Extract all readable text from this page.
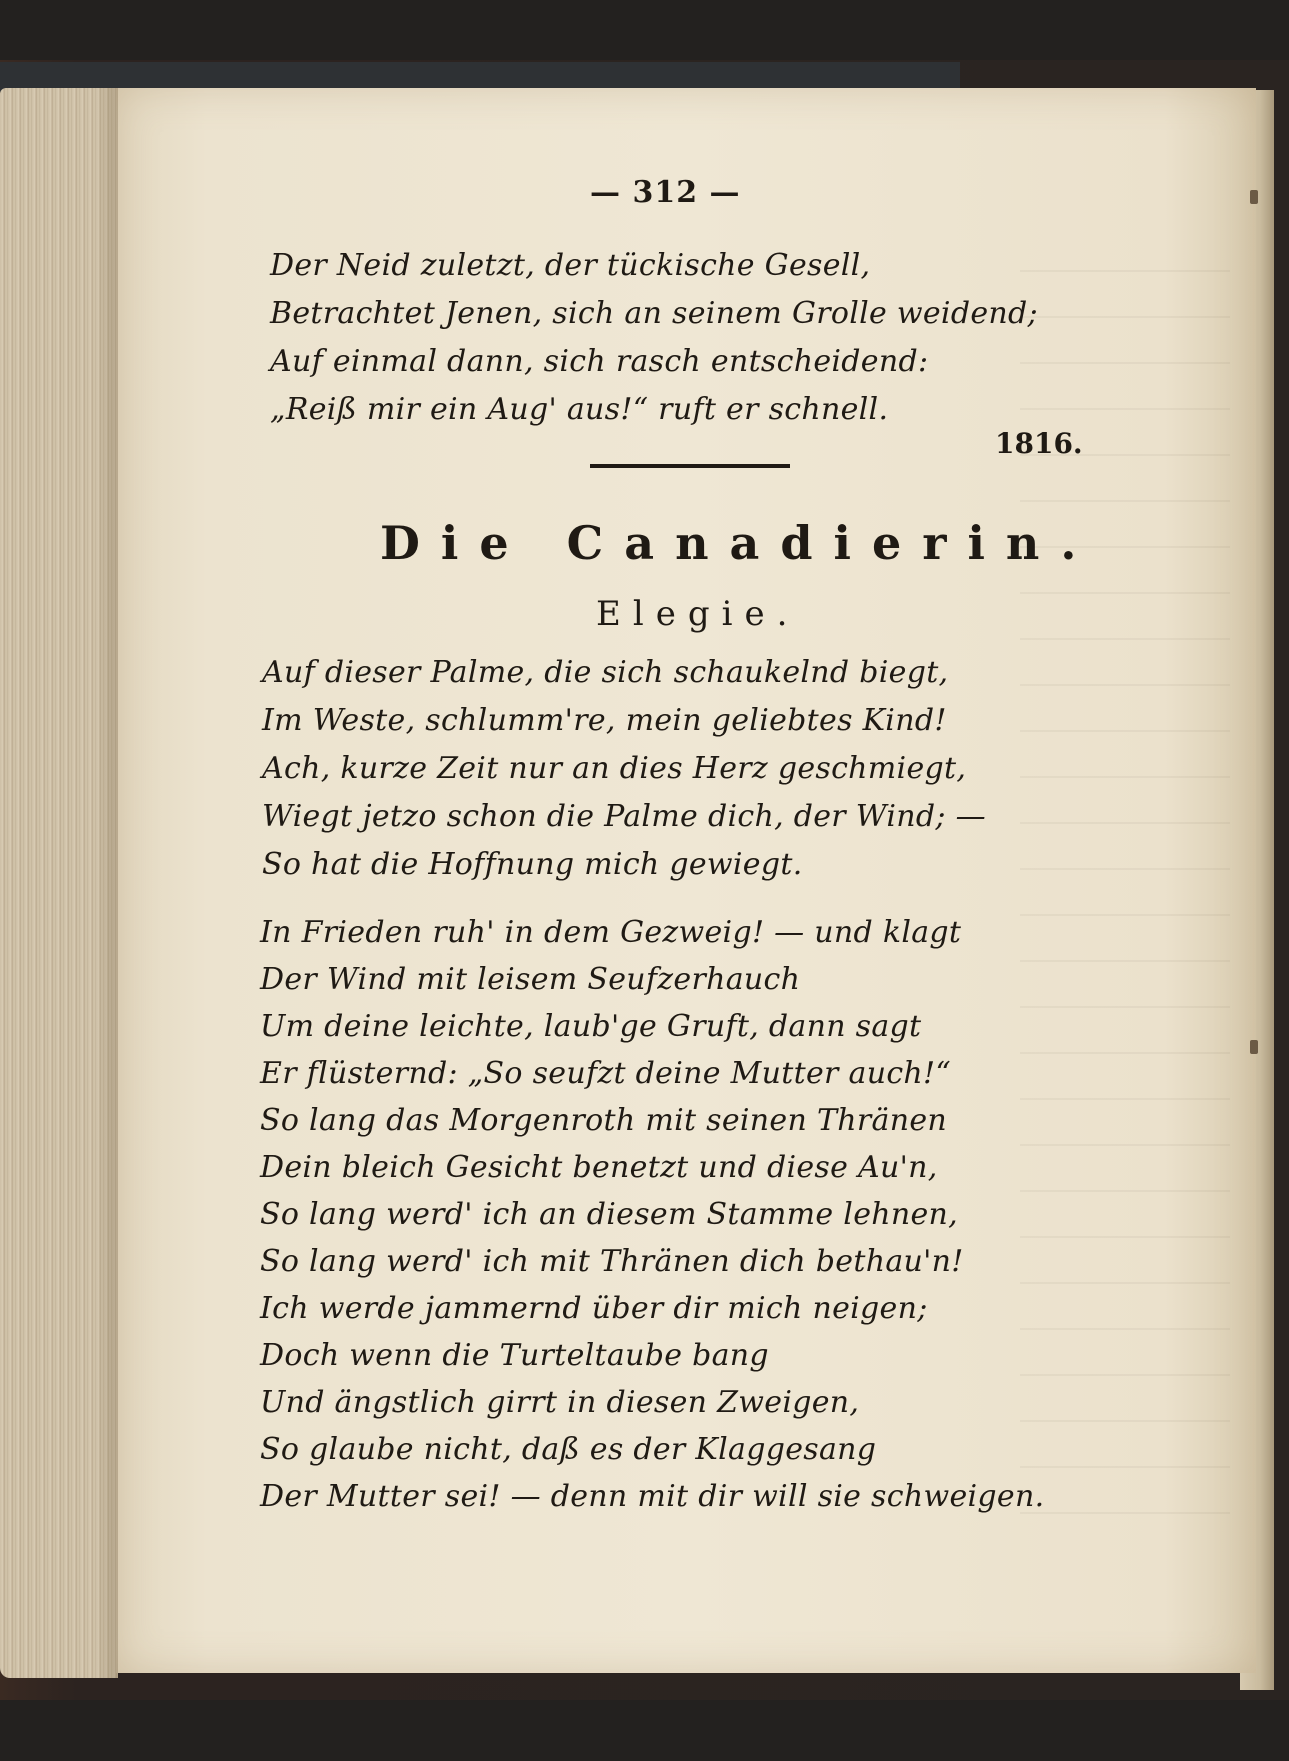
— 312 —
Der Neid zuletzt, der tückische Gesell,
Betrachtet Jenen, sich an seinem Grolle weidend;
Auf einmal dann, sich rasch entscheidend:
„Reiß mir ein Aug' aus!“ ruft er schnell.
1816.
Die Canadierin.
Elegie.
Auf dieser Palme, die sich schaukelnd biegt,
Im Weste, schlumm're, mein geliebtes Kind!
Ach, kurze Zeit nur an dies Herz geschmiegt,
Wiegt jetzo schon die Palme dich, der Wind; —
So hat die Hoffnung mich gewiegt.
In Frieden ruh' in dem Gezweig! — und klagt
Der Wind mit leisem Seufzerhauch
Um deine leichte, laub'ge Gruft, dann sagt
Er flüsternd: „So seufzt deine Mutter auch!“
So lang das Morgenroth mit seinen Thränen
Dein bleich Gesicht benetzt und diese Au'n,
So lang werd' ich an diesem Stamme lehnen,
So lang werd' ich mit Thränen dich bethau'n!
Ich werde jammernd über dir mich neigen;
Doch wenn die Turteltaube bang
Und ängstlich girrt in diesen Zweigen,
So glaube nicht, daß es der Klaggesang
Der Mutter sei! — denn mit dir will sie schweigen.
